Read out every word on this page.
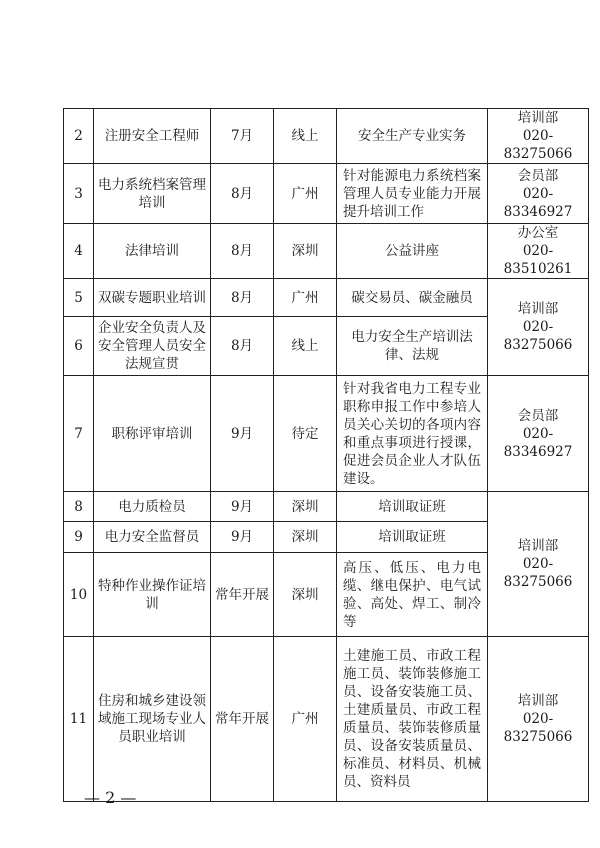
2	注册安全工程师	7月	线上	安全生产专业实务	培训部
020-83275066

3	电力系统档案管理培训	8月	广州	针对能源电力系统档案管理人员专业能力开展提升培训工作	会员部
020-83346927

4	法律培训	8月	深圳	公益讲座	办公室
020-83510261

5	双碳专题职业培训	8月	广州	碳交易员、碳金融员	培训部
020-83275066

6	企业安全负责人及安全管理人员安全法规宣贯	8月	线上	电力安全生产培训法律、法规	
7	职称评审培训	9月	待定	针对我省电力工程专业职称申报工作中参培人员关心关切的各项内容和重点事项进行授课，促进会员企业人才队伍建设。	会员部
020-83346927

8	电力质检员	9月	深圳	培训取证班	培训部
020-83275066

9	电力安全监督员	9月	深圳	培训取证班	
10	特种作业操作证培训	常年开展	深圳	高压、低压、电力电缆、继电保护、电气试验、高处、焊工、制冷等	
11	住房和城乡建设领域施工现场专业人员职业培训	常年开展	广州	土建施工员、市政工程施工员、装饰装修施工员、设备安装施工员、土建质量员、市政工程质量员、装饰装修质量员、设备安装质量员、标准员、材料员、机械员、资料员	培训部
020-83275066
— 2 —
